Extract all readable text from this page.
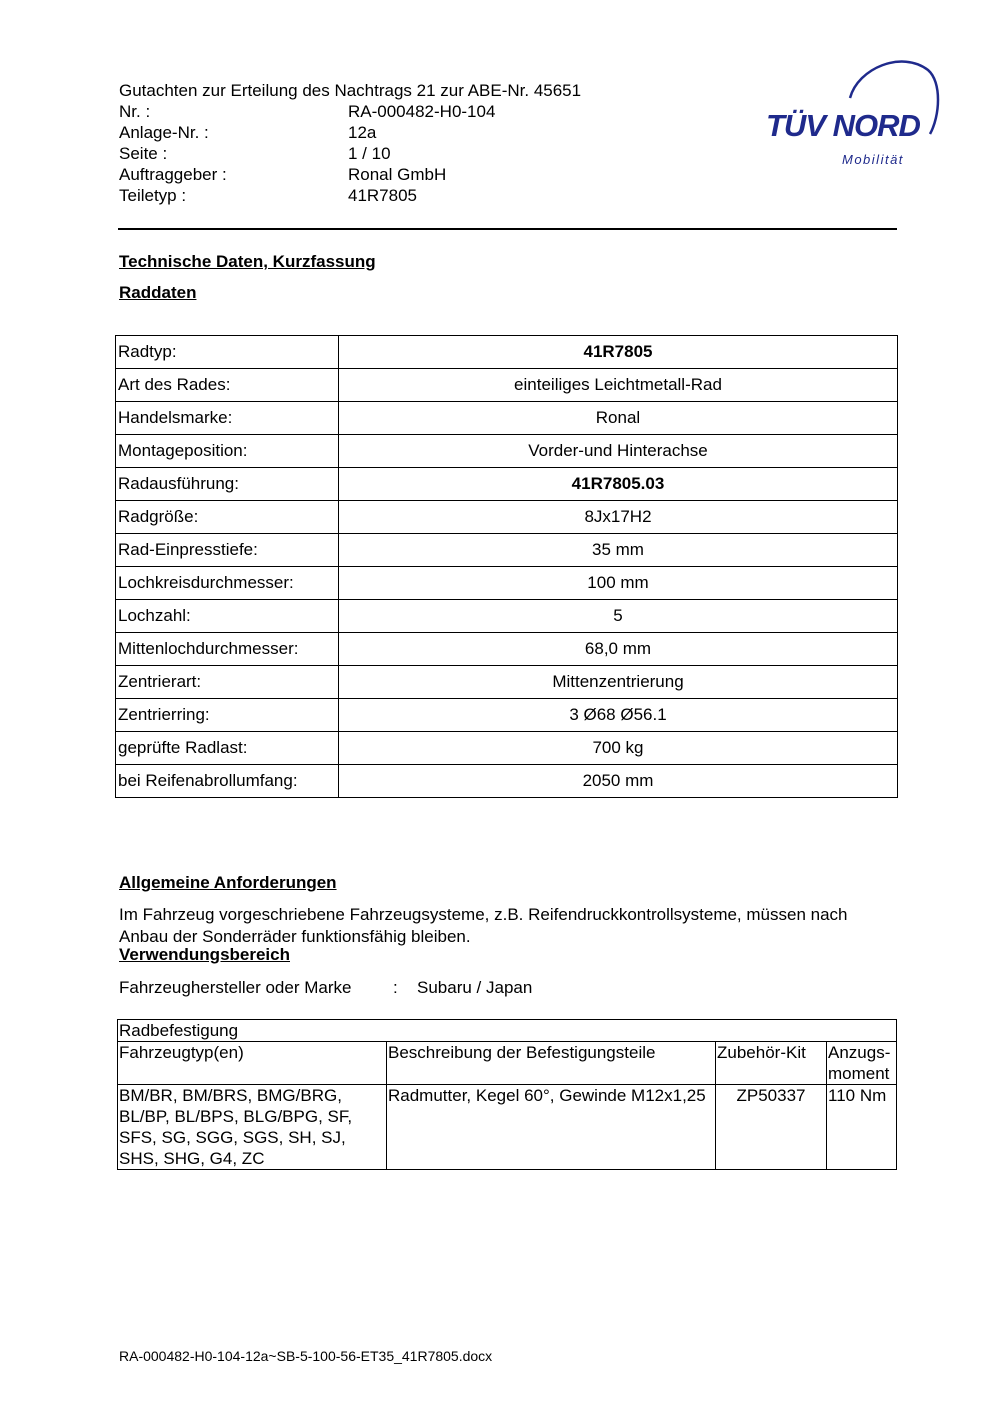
Gutachten zur Erteilung des Nachtrags 21 zur ABE-Nr. 45651
Nr. :	RA-000482-H0-104
Anlage-Nr. :	12a
Seite :	1 / 10
Auftraggeber :	Ronal GmbH
Teiletyp :	41R7805
TÜV NORD
Mobilität
Technische Daten, Kurzfassung
Raddaten
Radtyp:	41R7805
Art des Rades:	einteiliges Leichtmetall-Rad
Handelsmarke:	Ronal
Montageposition:	Vorder-und Hinterachse
Radausführung:	41R7805.03
Radgröße:	8Jx17H2
Rad-Einpresstiefe:	35 mm
Lochkreisdurchmesser:	100 mm
Lochzahl:	5
Mittenlochdurchmesser:	68,0 mm
Zentrierart:	Mittenzentrierung
Zentrierring:	3 Ø68 Ø56.1
geprüfte Radlast:	700 kg
bei Reifenabrollumfang:	2050 mm
Allgemeine Anforderungen
Im Fahrzeug vorgeschriebene Fahrzeugsysteme, z.B. Reifendruckkontrollsysteme, müssen nach Anbau der Sonderräder funktionsfähig bleiben.
Verwendungsbereich
Fahrzeughersteller oder Marke : Subaru / Japan
Radbefestigung			
Fahrzeugtyp(en)	Beschreibung der Befestigungsteile	Zubehör-Kit	Anzugs-moment
BM/BR, BM/BRS, BMG/BRG, BL/BP, BL/BPS, BLG/BPG, SF, SFS, SG, SGG, SGS, SH, SJ, SHS, SHG, G4, ZC	Radmutter, Kegel 60°, Gewinde M12x1,25	ZP50337	110 Nm
RA-000482-H0-104-12a~SB-5-100-56-ET35_41R7805.docx
